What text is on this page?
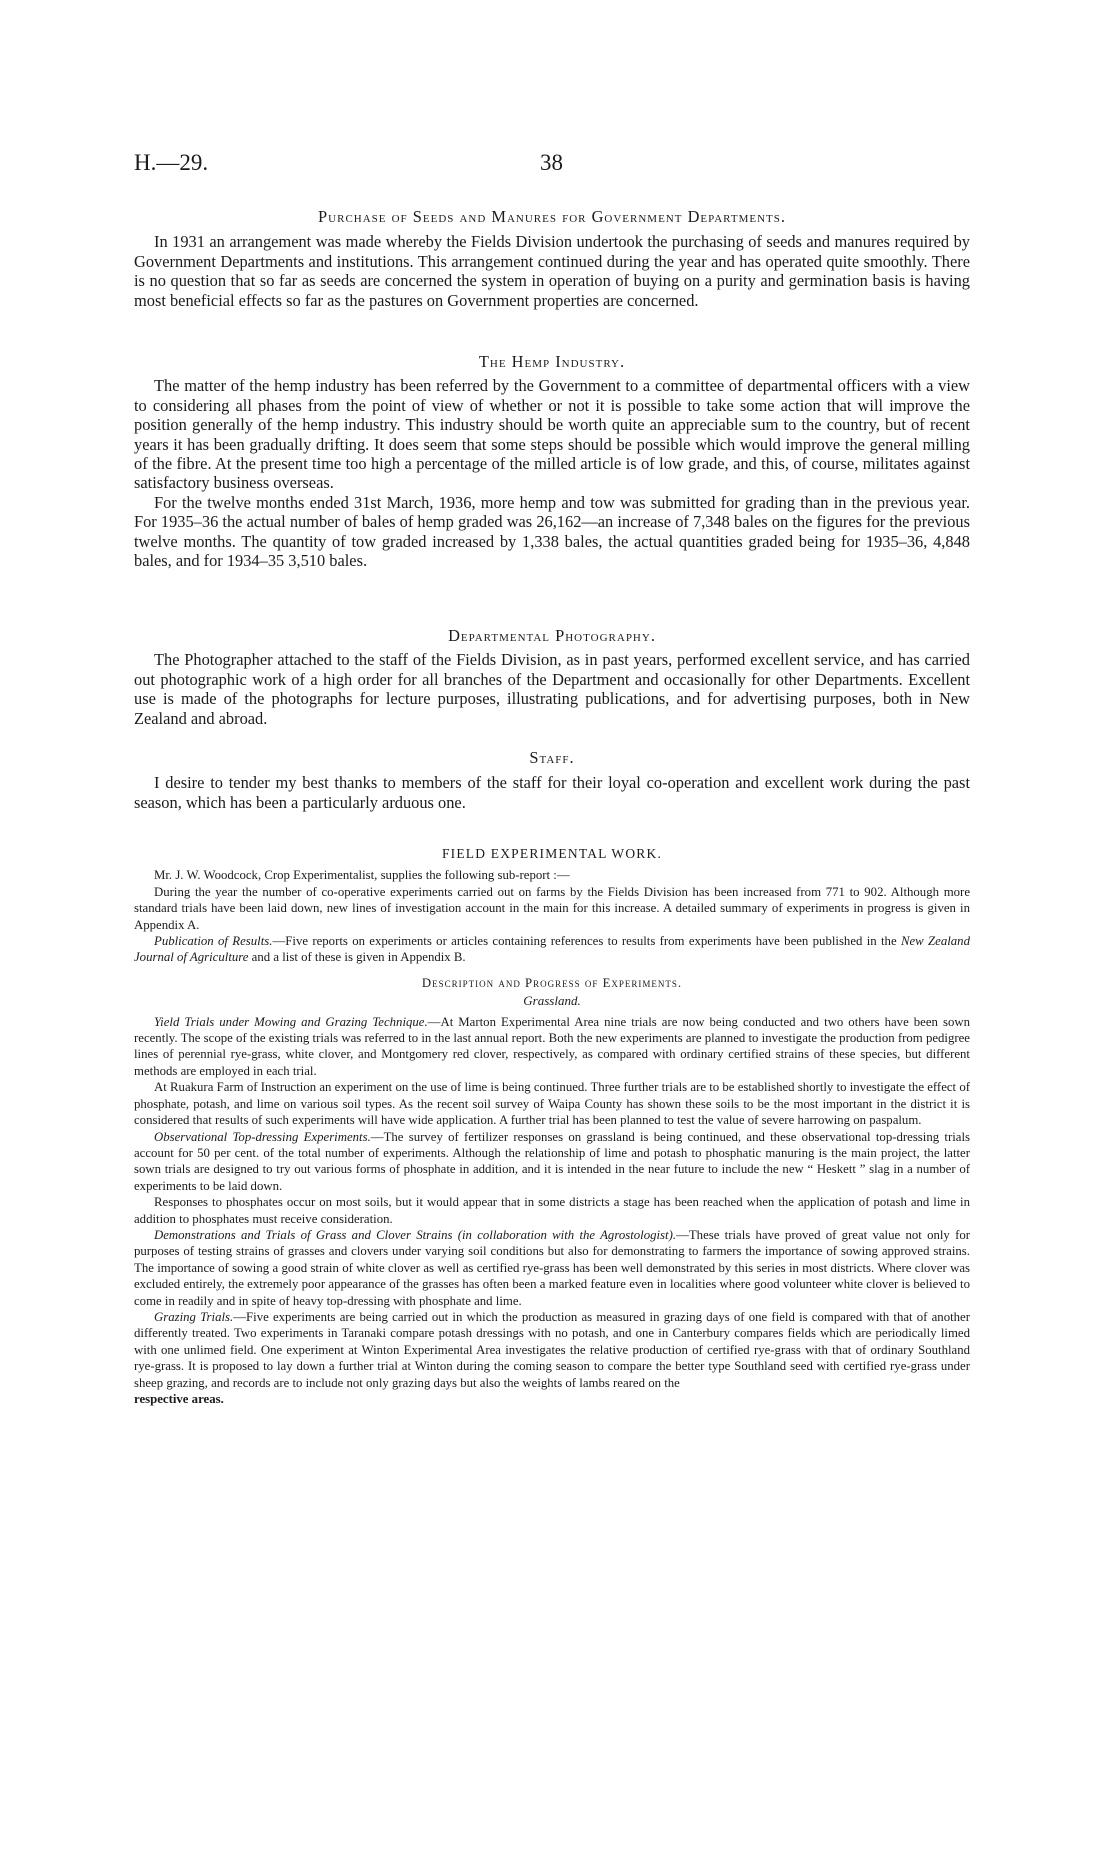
H.—29.	38
Purchase of Seeds and Manures for Government Departments.

In 1931 an arrangement was made whereby the Fields Division undertook the purchasing of seeds and manures required by Government Departments and institutions. This arrangement continued during the year and has operated quite smoothly. There is no question that so far as seeds are concerned the system in operation of buying on a purity and germination basis is having most beneficial effects so far as the pastures on Government properties are concerned.

The Hemp Industry.

The matter of the hemp industry has been referred by the Government to a committee of departmental officers with a view to considering all phases from the point of view of whether or not it is possible to take some action that will improve the position generally of the hemp industry. This industry should be worth quite an appreciable sum to the country, but of recent years it has been gradually drifting. It does seem that some steps should be possible which would improve the general milling of the fibre. At the present time too high a percentage of the milled article is of low grade, and this, of course, militates against satisfactory business overseas.

For the twelve months ended 31st March, 1936, more hemp and tow was submitted for grading than in the previous year. For 1935–36 the actual number of bales of hemp graded was 26,162—an increase of 7,348 bales on the figures for the previous twelve months. The quantity of tow graded increased by 1,338 bales, the actual quantities graded being for 1935–36, 4,848 bales, and for 1934–35 3,510 bales.

Departmental Photography.

The Photographer attached to the staff of the Fields Division, as in past years, performed excellent service, and has carried out photographic work of a high order for all branches of the Department and occasionally for other Departments. Excellent use is made of the photographs for lecture purposes, illustrating publications, and for advertising purposes, both in New Zealand and abroad.

Staff.

I desire to tender my best thanks to members of the staff for their loyal co-operation and excellent work during the past season, which has been a particularly arduous one.

FIELD EXPERIMENTAL WORK.

Mr. J. W. Woodcock, Crop Experimentalist, supplies the following sub-report :—

During the year the number of co-operative experiments carried out on farms by the Fields Division has been increased from 771 to 902. Although more standard trials have been laid down, new lines of investigation account in the main for this increase. A detailed summary of experiments in progress is given in Appendix A.

Publication of Results.—Five reports on experiments or articles containing references to results from experiments have been published in the New Zealand Journal of Agriculture and a list of these is given in Appendix B.

Description and Progress of Experiments.
Grassland.

Yield Trials under Mowing and Grazing Technique.—At Marton Experimental Area nine trials are now being conducted and two others have been sown recently. The scope of the existing trials was referred to in the last annual report. Both the new experiments are planned to investigate the production from pedigree lines of perennial rye-grass, white clover, and Montgomery red clover, respectively, as compared with ordinary certified strains of these species, but different methods are employed in each trial.

At Ruakura Farm of Instruction an experiment on the use of lime is being continued. Three further trials are to be established shortly to investigate the effect of phosphate, potash, and lime on various soil types. As the recent soil survey of Waipa County has shown these soils to be the most important in the district it is considered that results of such experiments will have wide application. A further trial has been planned to test the value of severe harrowing on paspalum.

Observational Top-dressing Experiments.—The survey of fertilizer responses on grassland is being continued, and these observational top-dressing trials account for 50 per cent. of the total number of experiments. Although the relationship of lime and potash to phosphatic manuring is the main project, the latter sown trials are designed to try out various forms of phosphate in addition, and it is intended in the near future to include the new “ Heskett ” slag in a number of experiments to be laid down.

Responses to phosphates occur on most soils, but it would appear that in some districts a stage has been reached when the application of potash and lime in addition to phosphates must receive consideration.

Demonstrations and Trials of Grass and Clover Strains (in collaboration with the Agrostologist).—These trials have proved of great value not only for purposes of testing strains of grasses and clovers under varying soil conditions but also for demonstrating to farmers the importance of sowing approved strains. The importance of sowing a good strain of white clover as well as certified rye-grass has been well demonstrated by this series in most districts. Where clover was excluded entirely, the extremely poor appearance of the grasses has often been a marked feature even in localities where good volunteer white clover is believed to come in readily and in spite of heavy top-dressing with phosphate and lime.

Grazing Trials.—Five experiments are being carried out in which the production as measured in grazing days of one field is compared with that of another differently treated. Two experiments in Taranaki compare potash dressings with no potash, and one in Canterbury compares fields which are periodically limed with one unlimed field. One experiment at Winton Experimental Area investigates the relative production of certified rye-grass with that of ordinary Southland rye-grass. It is proposed to lay down a further trial at Winton during the coming season to compare the better type Southland seed with certified rye-grass under sheep grazing, and records are to include not only grazing days but also the weights of lambs reared on the

respective areas.
